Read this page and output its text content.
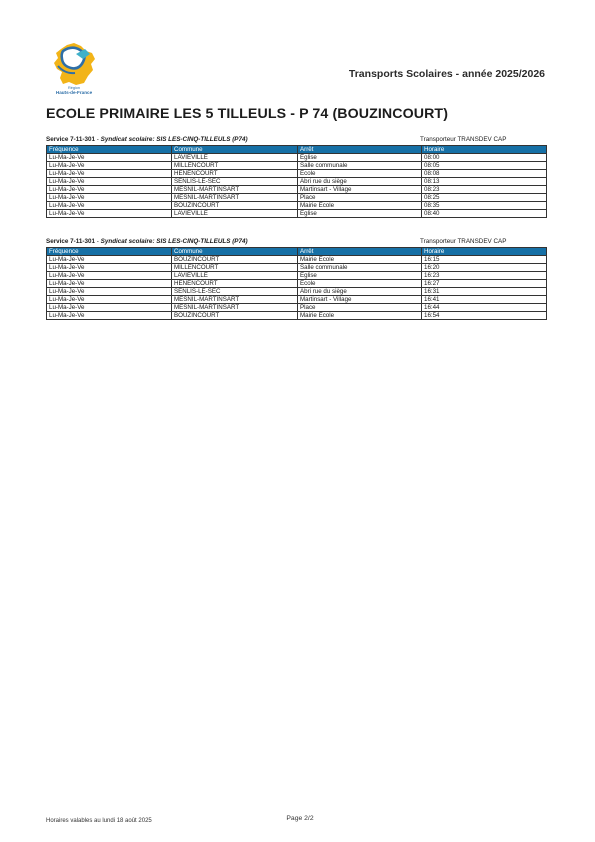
Région
Hauts-de-France
Transports Scolaires - année 2025/2026
ECOLE PRIMAIRE LES 5 TILLEULS - P 74 (BOUZINCOURT)
Service 7-11-301 - Syndicat scolaire: SIS LES-CINQ-TILLEULS (P74)	Transporteur TRANSDEV CAP
Fréquence	Commune	Arrêt	Horaire
Lu-Ma-Je-Ve	LAVIEVILLE	Eglise	08:00
Lu-Ma-Je-Ve	MILLENCOURT	Salle communale	08:05
Lu-Ma-Je-Ve	HENENCOURT	Ecole	08:08
Lu-Ma-Je-Ve	SENLIS-LE-SEC	Abri rue du siège	08:13
Lu-Ma-Je-Ve	MESNIL-MARTINSART	Martinsart - Village	08:23
Lu-Ma-Je-Ve	MESNIL-MARTINSART	Place	08:25
Lu-Ma-Je-Ve	BOUZINCOURT	Mairie Ecole	08:35
Lu-Ma-Je-Ve	LAVIEVILLE	Eglise	08:40
Service 7-11-301 - Syndicat scolaire: SIS LES-CINQ-TILLEULS (P74)	Transporteur TRANSDEV CAP
Fréquence	Commune	Arrêt	Horaire
Lu-Ma-Je-Ve	BOUZINCOURT	Mairie Ecole	16:15
Lu-Ma-Je-Ve	MILLENCOURT	Salle communale	16:20
Lu-Ma-Je-Ve	LAVIEVILLE	Eglise	16:23
Lu-Ma-Je-Ve	HENENCOURT	Ecole	16:27
Lu-Ma-Je-Ve	SENLIS-LE-SEC	Abri rue du siège	16:31
Lu-Ma-Je-Ve	MESNIL-MARTINSART	Martinsart - Village	16:41
Lu-Ma-Je-Ve	MESNIL-MARTINSART	Place	16:44
Lu-Ma-Je-Ve	BOUZINCOURT	Mairie Ecole	16:54
Horaires valables au lundi 18 août 2025	Page 2/2
